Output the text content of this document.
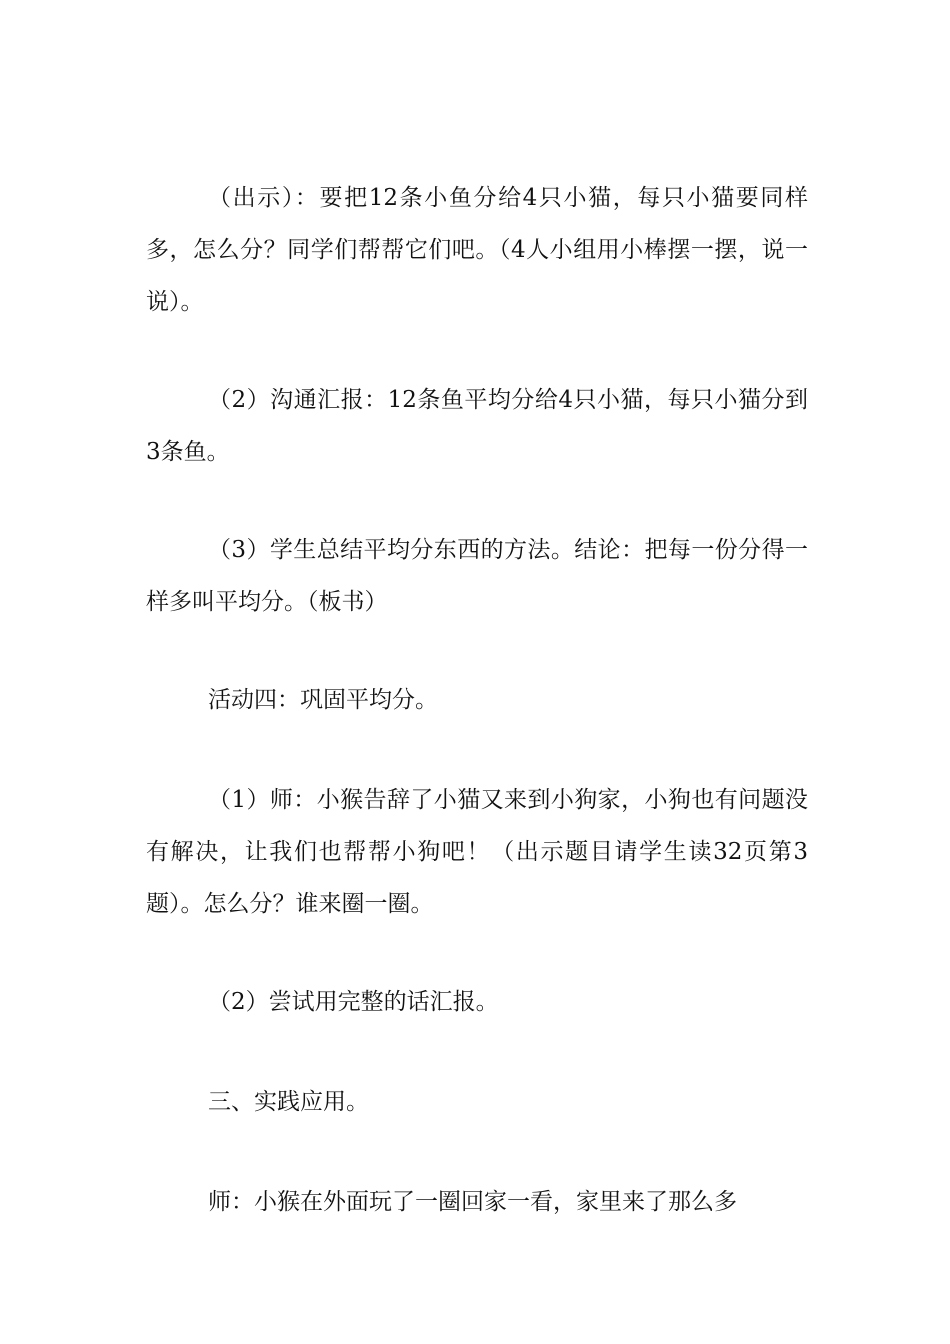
（出示）：要把12条小鱼分给4只小猫，每只小猫要同样多，怎么分？同学们帮帮它们吧。（4人小组用小棒摆一摆，说一说）。

（2）沟通汇报：12条鱼平均分给4只小猫，每只小猫分到3条鱼。

（3）学生总结平均分东西的方法。结论：把每一份分得一样多叫平均分。（板书）

活动四：巩固平均分。

（1）师：小猴告辞了小猫又来到小狗家，小狗也有问题没有解决，让我们也帮帮小狗吧！（出示题目请学生读32页第3题）。怎么分？谁来圈一圈。

（2）尝试用完整的话汇报。

三、实践应用。

师：小猴在外面玩了一圈回家一看，家里来了那么多
